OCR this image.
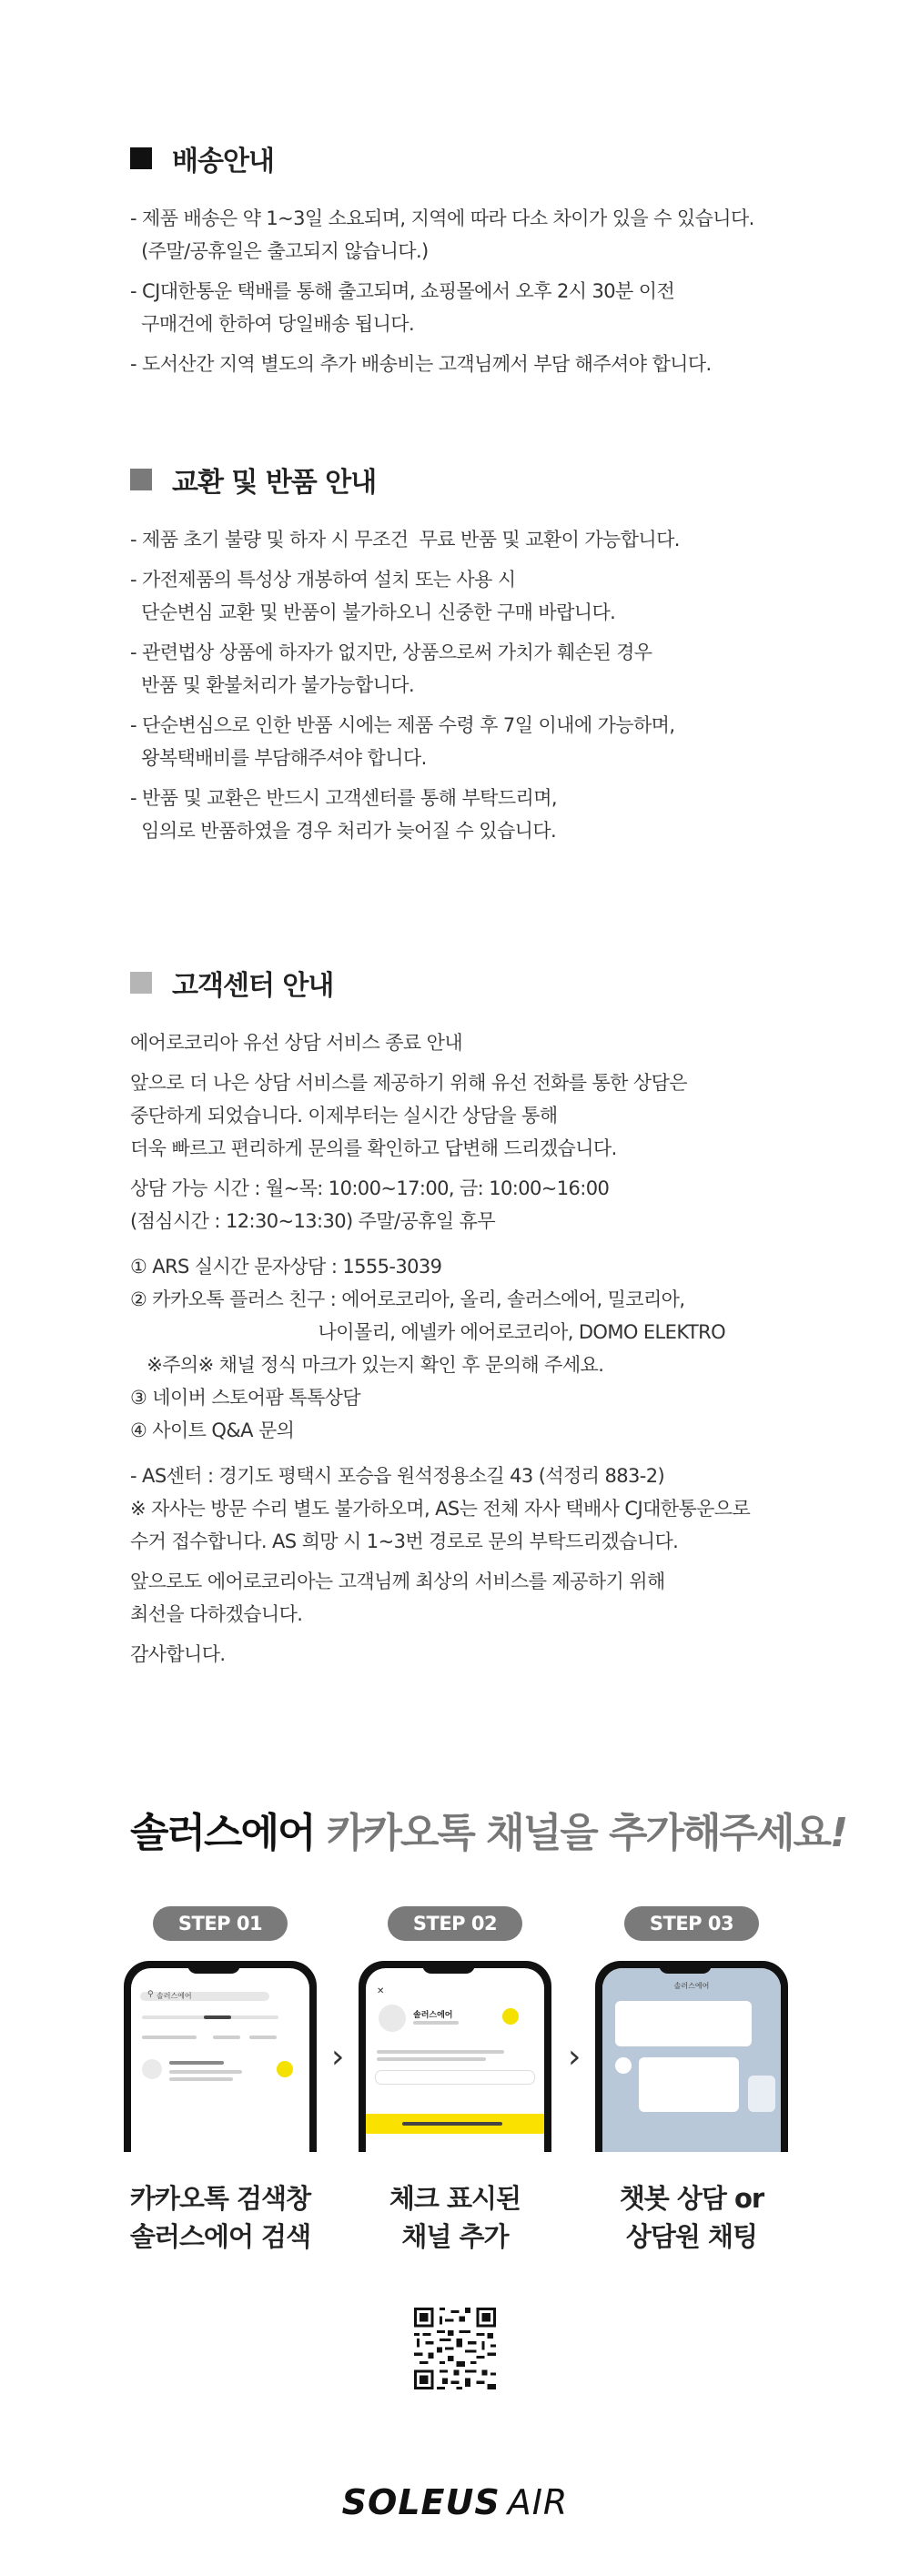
배송안내
- 제품 배송은 약 1~3일 소요되며, 지역에 따라 다소 차이가 있을 수 있습니다.
(주말/공휴일은 출고되지 않습니다.)
- CJ대한통운 택배를 통해 출고되며, 쇼핑몰에서 오후 2시 30분 이전
구매건에 한하여 당일배송 됩니다.
- 도서산간 지역 별도의 추가 배송비는 고객님께서 부담 해주셔야 합니다.
교환 및 반품 안내
- 제품 초기 불량 및 하자 시 무조건  무료 반품 및 교환이 가능합니다.
- 가전제품의 특성상 개봉하여 설치 또는 사용 시
단순변심 교환 및 반품이 불가하오니 신중한 구매 바랍니다.
- 관련법상 상품에 하자가 없지만, 상품으로써 가치가 훼손된 경우
반품 및 환불처리가 불가능합니다.
- 단순변심으로 인한 반품 시에는 제품 수령 후 7일 이내에 가능하며,
왕복택배비를 부담해주셔야 합니다.
- 반품 및 교환은 반드시 고객센터를 통해 부탁드리며,
임의로 반품하였을 경우 처리가 늦어질 수 있습니다.
고객센터 안내
에어로코리아 유선 상담 서비스 종료 안내
앞으로 더 나은 상담 서비스를 제공하기 위해 유선 전화를 통한 상담은
중단하게 되었습니다. 이제부터는 실시간 상담을 통해
더욱 빠르고 편리하게 문의를 확인하고 답변해 드리겠습니다.
상담 가능 시간 : 월~목: 10:00~17:00, 금: 10:00~16:00
(점심시간 : 12:30~13:30) 주말/공휴일 휴무
① ARS 실시간 문자상담 : 1555-3039
② 카카오톡 플러스 친구 : 에어로코리아, 올리, 솔러스에어, 밀코리아,
나이몰리, 에넬카 에어로코리아, DOMO ELEKTRO
※주의※ 채널 정식 마크가 있는지 확인 후 문의해 주세요.
③ 네이버 스토어팜 톡톡상담
④ 사이트 Q&A 문의
- AS센터 : 경기도 평택시 포승읍 원석정용소길 43 (석정리 883-2)
※ 자사는 방문 수리 별도 불가하오며, AS는 전체 자사 택배사 CJ대한통운으로
수거 접수합니다. AS 희망 시 1~3번 경로로 문의 부탁드리겠습니다.
앞으로도 에어로코리아는 고객님께 최상의 서비스를 제공하기 위해
최선을 다하겠습니다.
감사합니다.
솔러스에어 카카오톡 채널을 추가해주세요!
STEP 01
⚲ 솔러스에어
카카오톡 검색창
솔러스에어 검색
›
STEP 02
✕
솔러스에어
체크 표시된
채널 추가
›
STEP 03
솔러스에어
챗봇 상담 or
상담원 채팅
SOLEUS AIR
